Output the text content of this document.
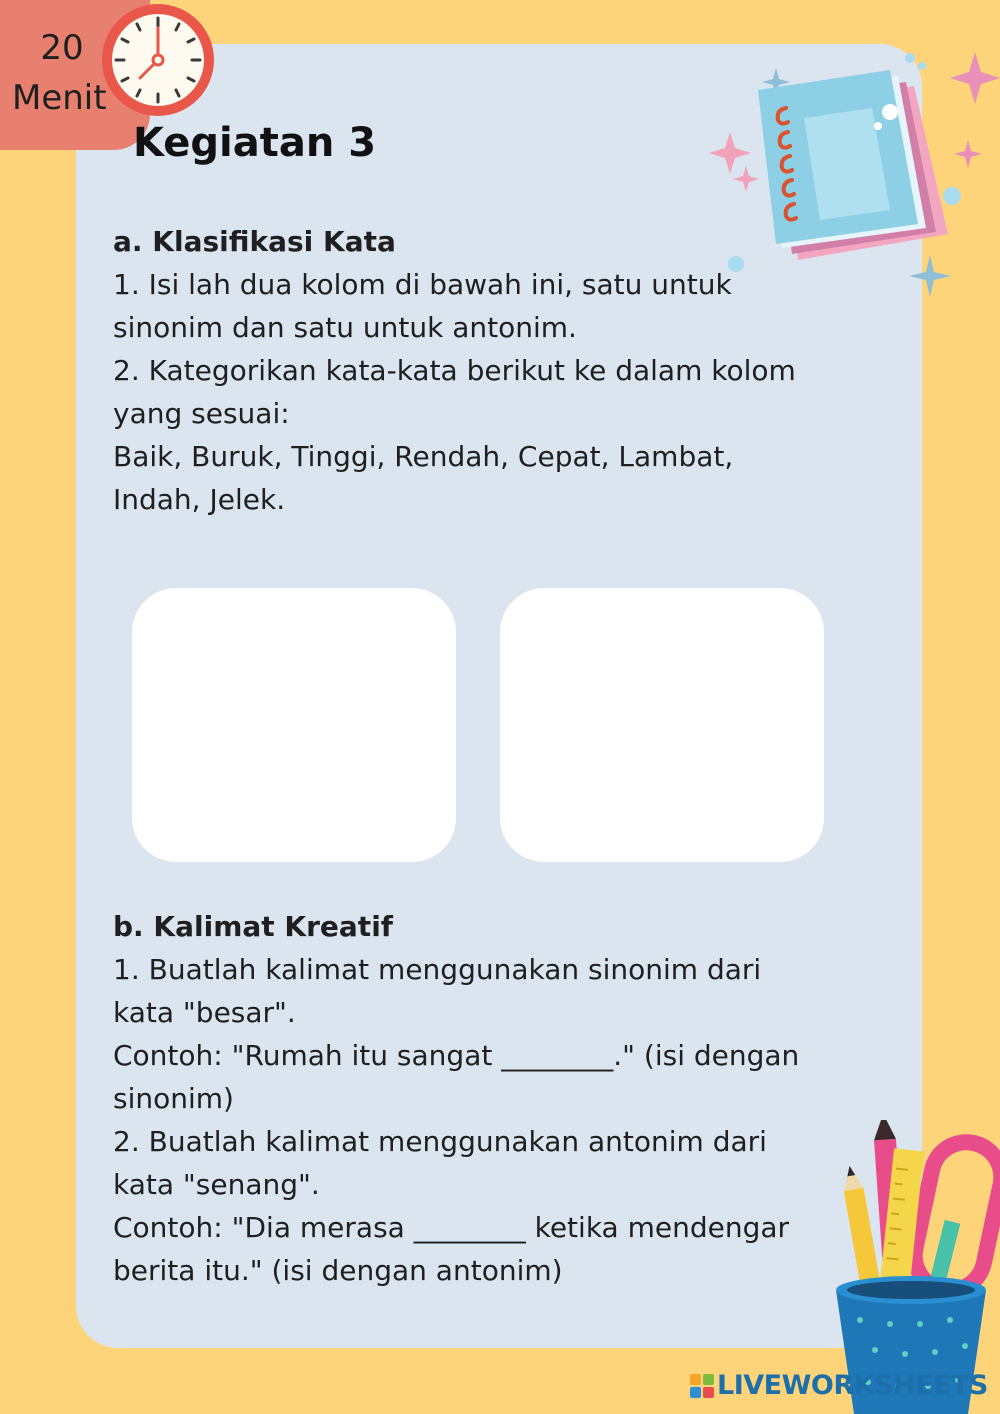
20
Menit
Kegiatan 3

a. Klasifikasi Kata

1. Isi lah dua kolom di bawah ini, satu untuk

sinonim dan satu untuk antonim.

2. Kategorikan kata-kata berikut ke dalam kolom

yang sesuai:

Baik, Buruk, Tinggi, Rendah, Cepat, Lambat,

Indah, Jelek.

b. Kalimat Kreatif

1. Buatlah kalimat menggunakan sinonim dari

kata "besar".

Contoh: "Rumah itu sangat ________." (isi dengan

sinonim)

2. Buatlah kalimat menggunakan antonim dari

kata "senang".

Contoh: "Dia merasa ________ ketika mendengar

berita itu." (isi dengan antonim)

LIVEWORKSHEETS
